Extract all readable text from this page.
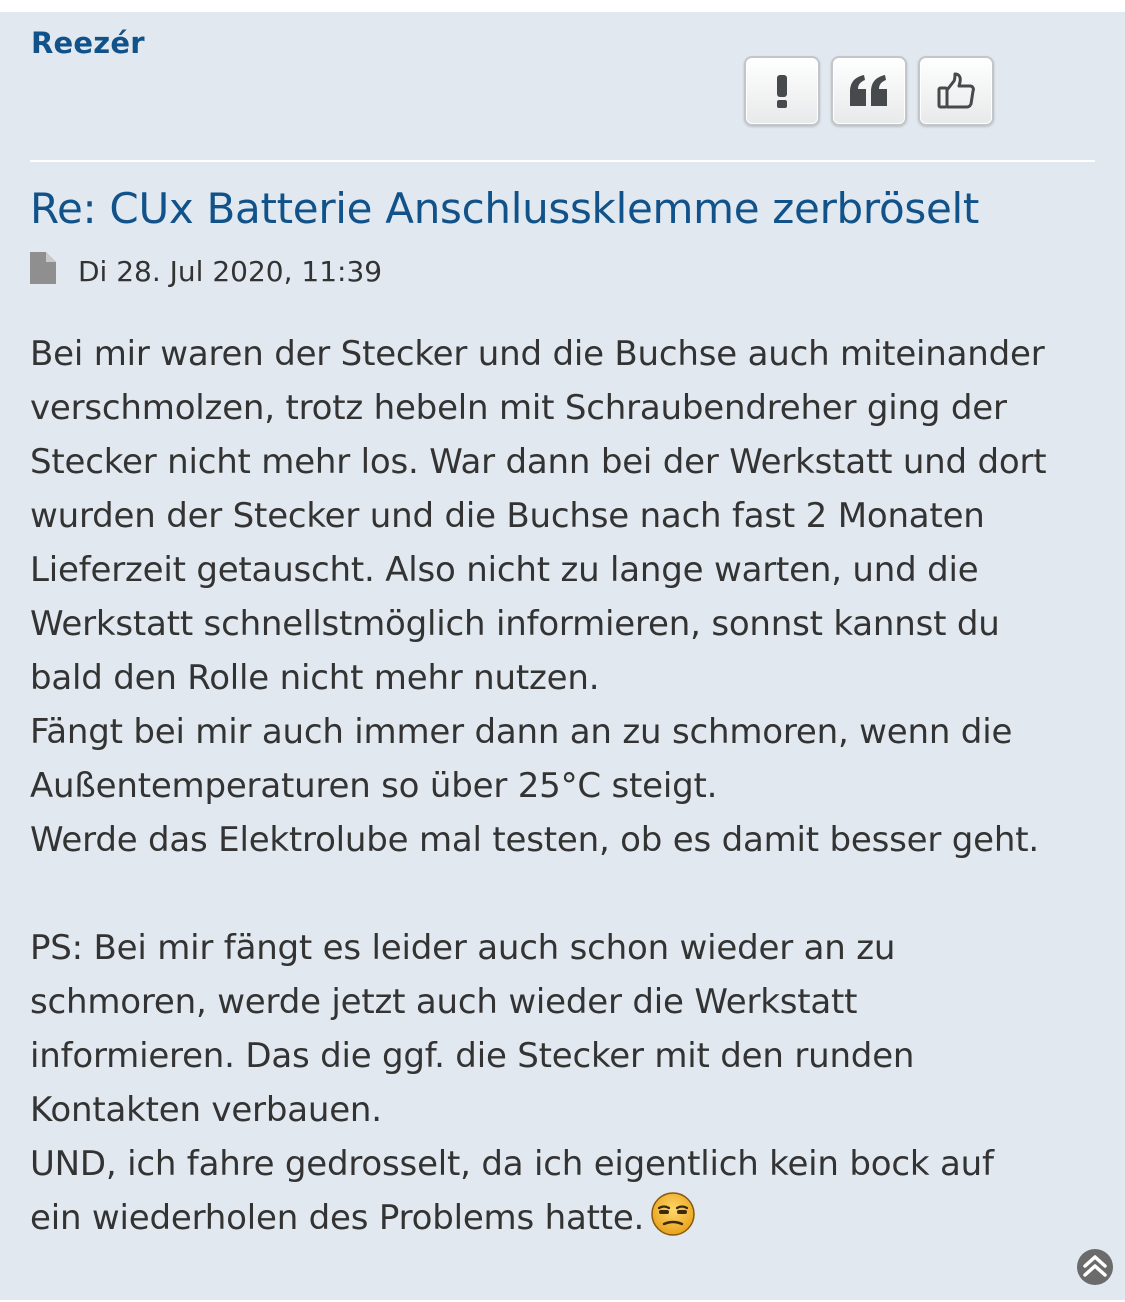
Reezér
Re: CUx Batterie Anschlussklemme zerbröselt
Di 28. Jul 2020, 11:39
Bei mir waren der Stecker und die Buchse auch miteinander
verschmolzen, trotz hebeln mit Schraubendreher ging der
Stecker nicht mehr los. War dann bei der Werkstatt und dort
wurden der Stecker und die Buchse nach fast 2 Monaten
Lieferzeit getauscht. Also nicht zu lange warten, und die
Werkstatt schnellstmöglich informieren, sonnst kannst du
bald den Rolle nicht mehr nutzen.
Fängt bei mir auch immer dann an zu schmoren, wenn die
Außentemperaturen so über 25°C steigt.
Werde das Elektrolube mal testen, ob es damit besser geht.
PS: Bei mir fängt es leider auch schon wieder an zu
schmoren, werde jetzt auch wieder die Werkstatt
informieren. Das die ggf. die Stecker mit den runden
Kontakten verbauen.
UND, ich fahre gedrosselt, da ich eigentlich kein bock auf
ein wiederholen des Problems hatte.
